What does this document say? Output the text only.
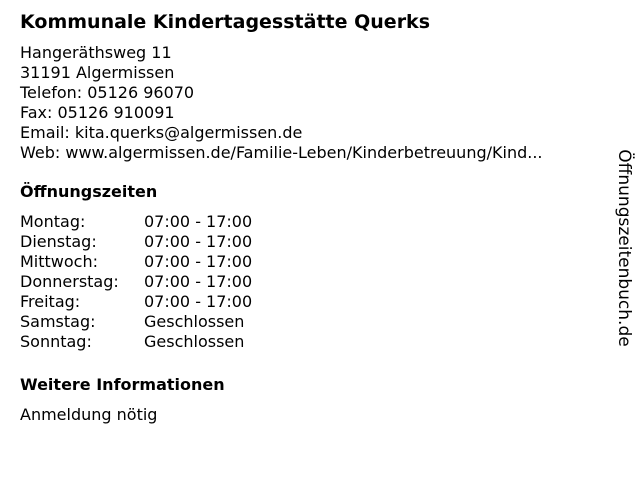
Kommunale Kindertagesstätte Querks
Hangeräthsweg 11
31191 Algermissen
Telefon: 05126 96070
Fax: 05126 910091
Email: kita.querks@algermissen.de
Web: www.algermissen.de/Familie-Leben/Kinderbetreuung/Kind...
Öffnungszeiten
Montag:	07:00 - 17:00
Dienstag:	07:00 - 17:00
Mittwoch:	07:00 - 17:00
Donnerstag: 07:00 - 17:00
Freitag:	07:00 - 17:00
Samstag:	Geschlossen
Sonntag:	Geschlossen
Weitere Informationen
Anmeldung nötig
Öffnungszeitenbuch.de
